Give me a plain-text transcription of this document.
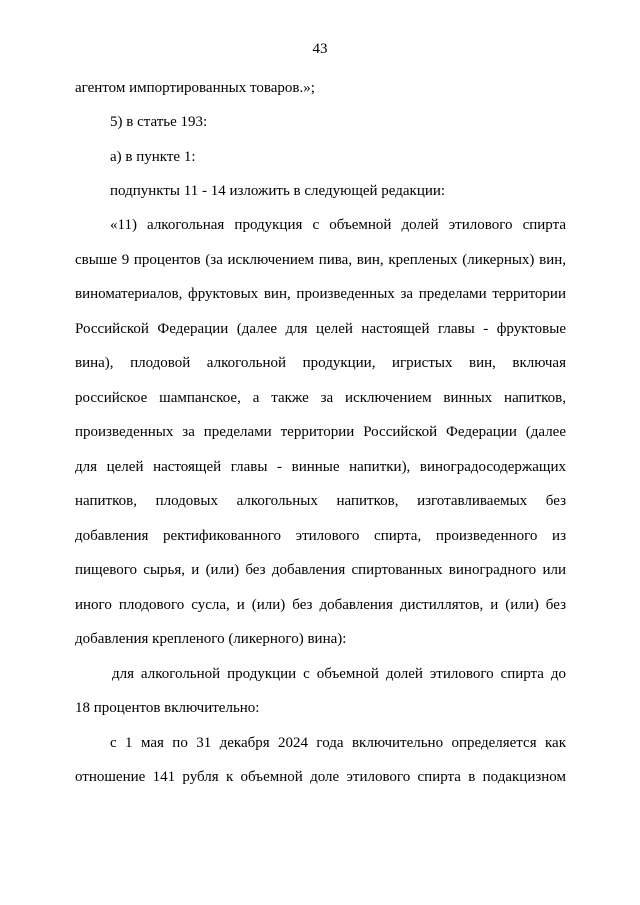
43
агентом импортированных товаров.»;
5) в статье 193:
а) в пункте 1:
подпункты 11 - 14 изложить в следующей редакции:
«11) алкогольная продукция с объемной долей этилового спирта
свыше 9 процентов (за исключением пива, вин, крепленых (ликерных) вин,
виноматериалов, фруктовых вин, произведенных за пределами территории
Российской Федерации (далее для целей настоящей главы - фруктовые
вина), плодовой алкогольной продукции, игристых вин, включая
российское шампанское, а также за исключением винных напитков,
произведенных за пределами территории Российской Федерации (далее
для целей настоящей главы - винные напитки), виноградосодержащих
напитков, плодовых алкогольных напитков, изготавливаемых без
добавления ректификованного этилового спирта, произведенного из
пищевого сырья, и (или) без добавления спиртованных виноградного или
иного плодового сусла, и (или) без добавления дистиллятов, и (или) без
добавления крепленого (ликерного) вина):
для алкогольной продукции с объемной долей этилового спирта до
18 процентов включительно:
с 1 мая по 31 декабря 2024 года включительно определяется как
отношение 141 рубля к объемной доле этилового спирта в подакцизном
